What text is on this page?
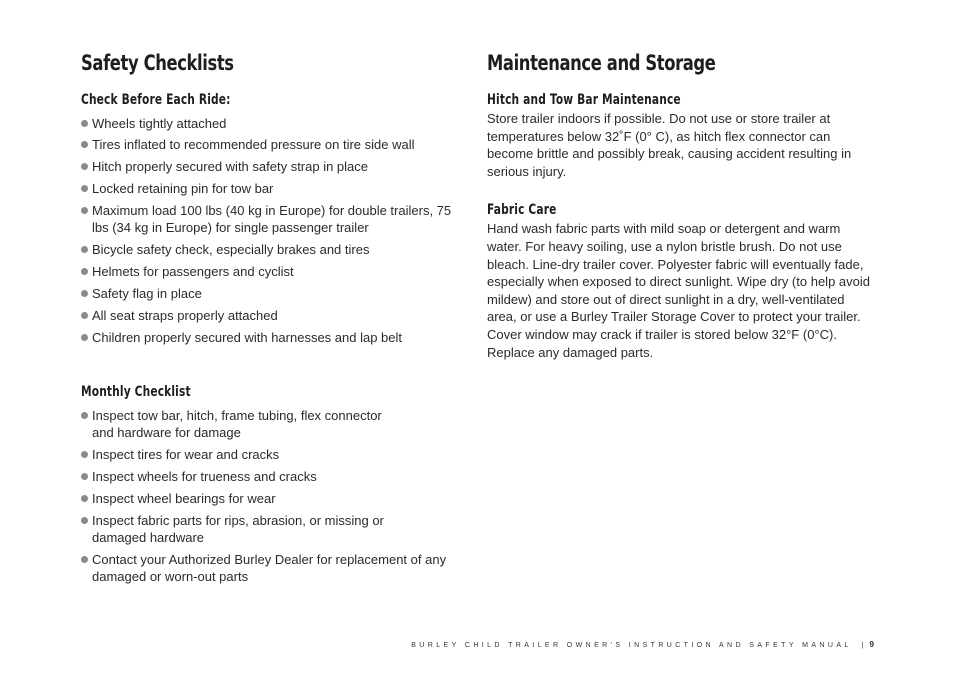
Safety Checklists
Check Before Each Ride:
Wheels tightly attached
Tires inflated to recommended pressure on tire side wall
Hitch properly secured with safety strap in place
Locked retaining pin for tow bar
Maximum load 100 lbs (40 kg in Europe) for double trailers, 75 lbs (34 kg in Europe) for single passenger trailer
Bicycle safety check, especially brakes and tires
Helmets for passengers and cyclist
Safety flag in place
All seat straps properly attached
Children properly secured with harnesses and lap belt
Monthly Checklist
Inspect tow bar, hitch, frame tubing, flex connector and hardware for damage
Inspect tires for wear and cracks
Inspect wheels for trueness and cracks
Inspect wheel bearings for wear
Inspect fabric parts for rips, abrasion, or missing or damaged hardware
Contact your Authorized Burley Dealer for replacement of any damaged or worn-out parts
Maintenance and Storage
Hitch and Tow Bar Maintenance

Store trailer indoors if possible. Do not use or store trailer at temperatures below 32˚F (0° C), as hitch flex connector can become brittle and possibly break, causing accident resulting in serious injury.

Fabric Care

Hand wash fabric parts with mild soap or detergent and warm water. For heavy soiling, use a nylon bristle brush. Do not use bleach. Line-dry trailer cover. Polyester fabric will eventually fade, especially when exposed to direct sunlight. Wipe dry (to help avoid mildew) and store out of direct sunlight in a dry, well-ventilated area, or use a Burley Trailer Storage Cover to protect your trailer. Cover window may crack if trailer is stored below 32°F (0°C). Replace any damaged parts.

BURLEY CHILD TRAILER OWNER'S INSTRUCTION AND SAFETY MANUAL | 9
